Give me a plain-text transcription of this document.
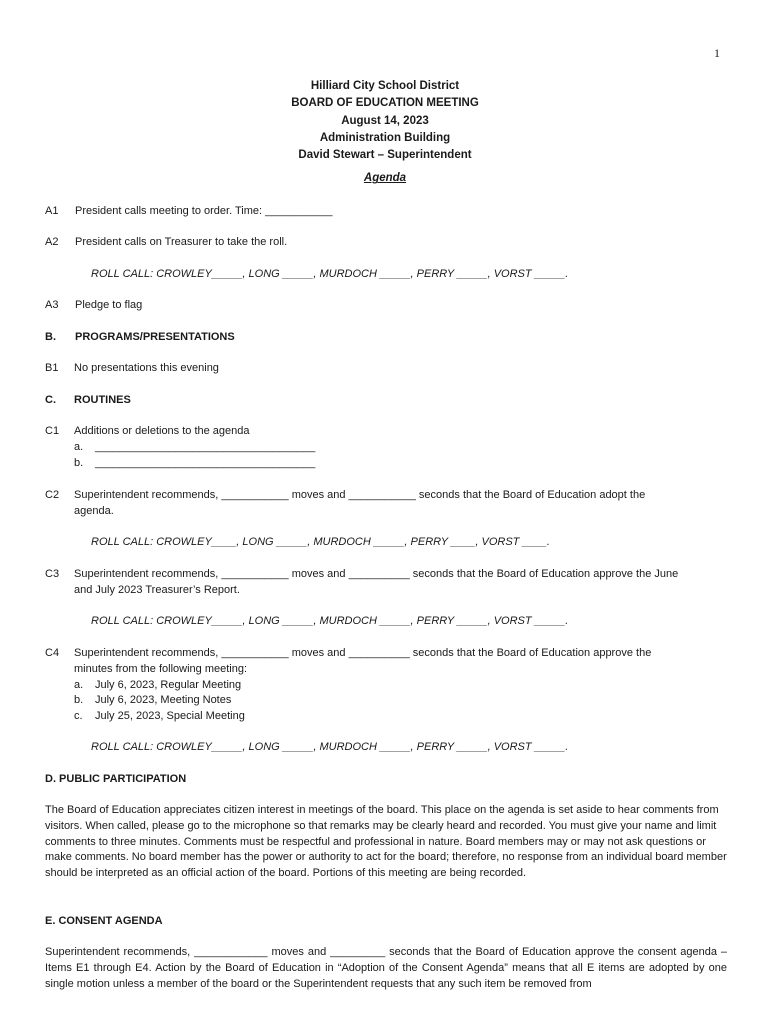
1
Hilliard City School District
BOARD OF EDUCATION MEETING
August 14, 2023
Administration Building
David Stewart – Superintendent
Agenda
A1 President calls meeting to order. Time: ___________
A2 President calls on Treasurer to take the roll.
ROLL CALL: CROWLEY_____, LONG _____, MURDOCH _____, PERRY _____, VORST _____.
A3 Pledge to flag
B. PROGRAMS/PRESENTATIONS
B1 No presentations this evening
C. ROUTINES
C1 Additions or deletions to the agenda
a. ____________________________________
b. ____________________________________
C2 Superintendent recommends, ___________ moves and ___________ seconds that the Board of Education adopt the
agenda.
ROLL CALL: CROWLEY____, LONG _____, MURDOCH _____, PERRY ____, VORST ____.
C3 Superintendent recommends, ___________ moves and __________ seconds that the Board of Education approve the June
and July 2023 Treasurer’s Report.
ROLL CALL: CROWLEY_____, LONG _____, MURDOCH _____, PERRY _____, VORST _____.
C4 Superintendent recommends, ___________ moves and __________ seconds that the Board of Education approve the
minutes from the following meeting:
a. July 6, 2023, Regular Meeting
b. July 6, 2023, Meeting Notes
c. July 25, 2023, Special Meeting
ROLL CALL: CROWLEY_____, LONG _____, MURDOCH _____, PERRY _____, VORST _____.
D. PUBLIC PARTICIPATION
The Board of Education appreciates citizen interest in meetings of the board. This place on the agenda is set aside to hear comments from visitors. When called, please go to the microphone so that remarks may be clearly heard and recorded. You must give your name and limit comments to three minutes. Comments must be respectful and professional in nature. Board members may or may not ask questions or make comments. No board member has the power or authority to act for the board; therefore, no response from an individual board member should be interpreted as an official action of the board. Portions of this meeting are being recorded.
E. CONSENT AGENDA
Superintendent recommends, ____________ moves and _________ seconds that the Board of Education approve the consent agenda – Items E1 through E4. Action by the Board of Education in “Adoption of the Consent Agenda” means that all E items are adopted by one single motion unless a member of the board or the Superintendent requests that any such item be removed from
